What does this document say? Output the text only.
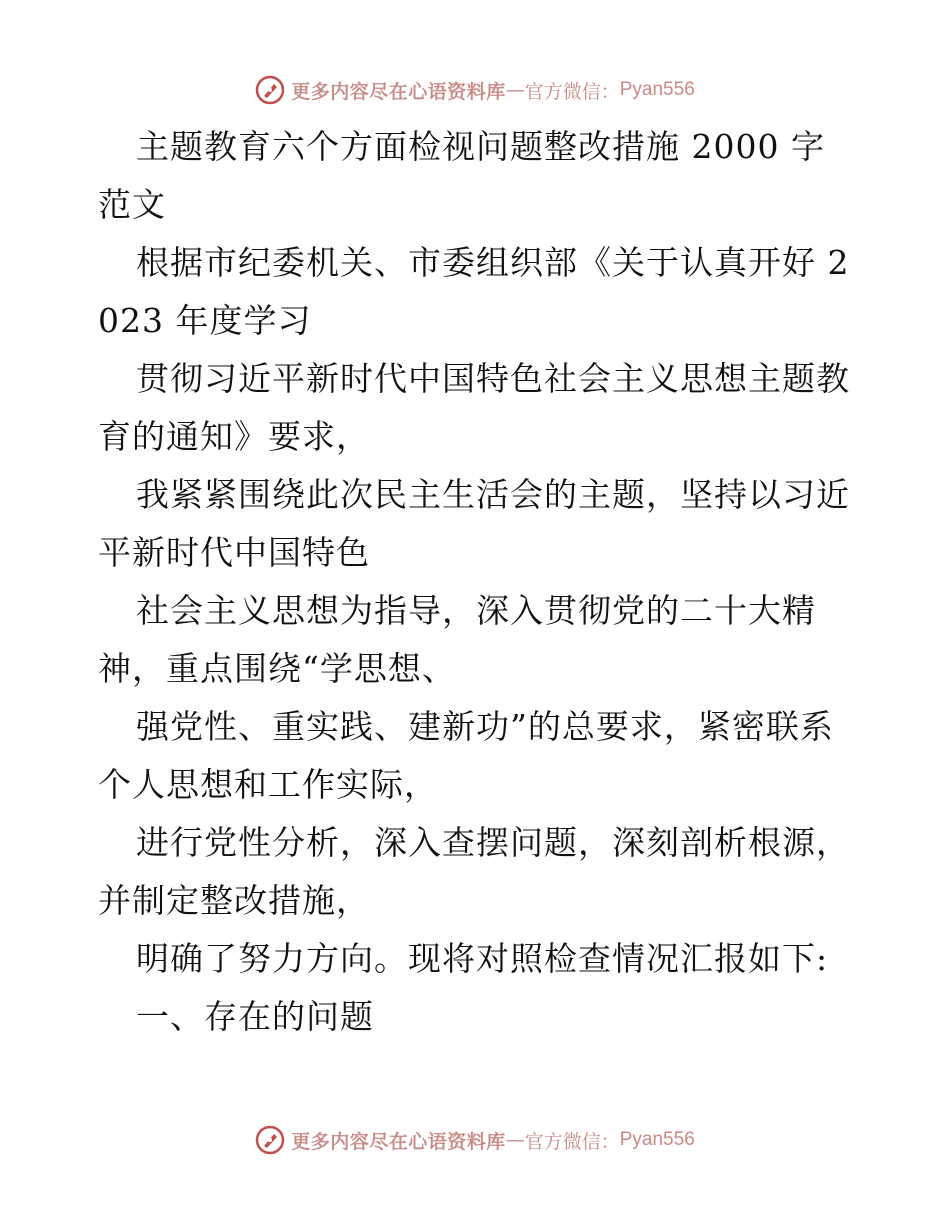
更多内容尽在心语资料库 — 官方微信： Pyan556

主题教育六个方面检视问题整改措施 2000 字范文

根据市纪委机关、市委组织部《关于认真开好 2023 年度学习

贯彻习近平新时代中国特色社会主义思想主题教育的通知》要求，

我紧紧围绕此次民主生活会的主题，坚持以习近平新时代中国特色

社会主义思想为指导，深入贯彻党的二十大精神，重点围绕“学思想、

强党性、重实践、建新功”的总要求，紧密联系个人思想和工作实际，

进行党性分析，深入查摆问题，深刻剖析根源，并制定整改措施，

明确了努力方向。现将对照检查情况汇报如下:

一、存在的问题

更多内容尽在心语资料库 — 官方微信： Pyan556
